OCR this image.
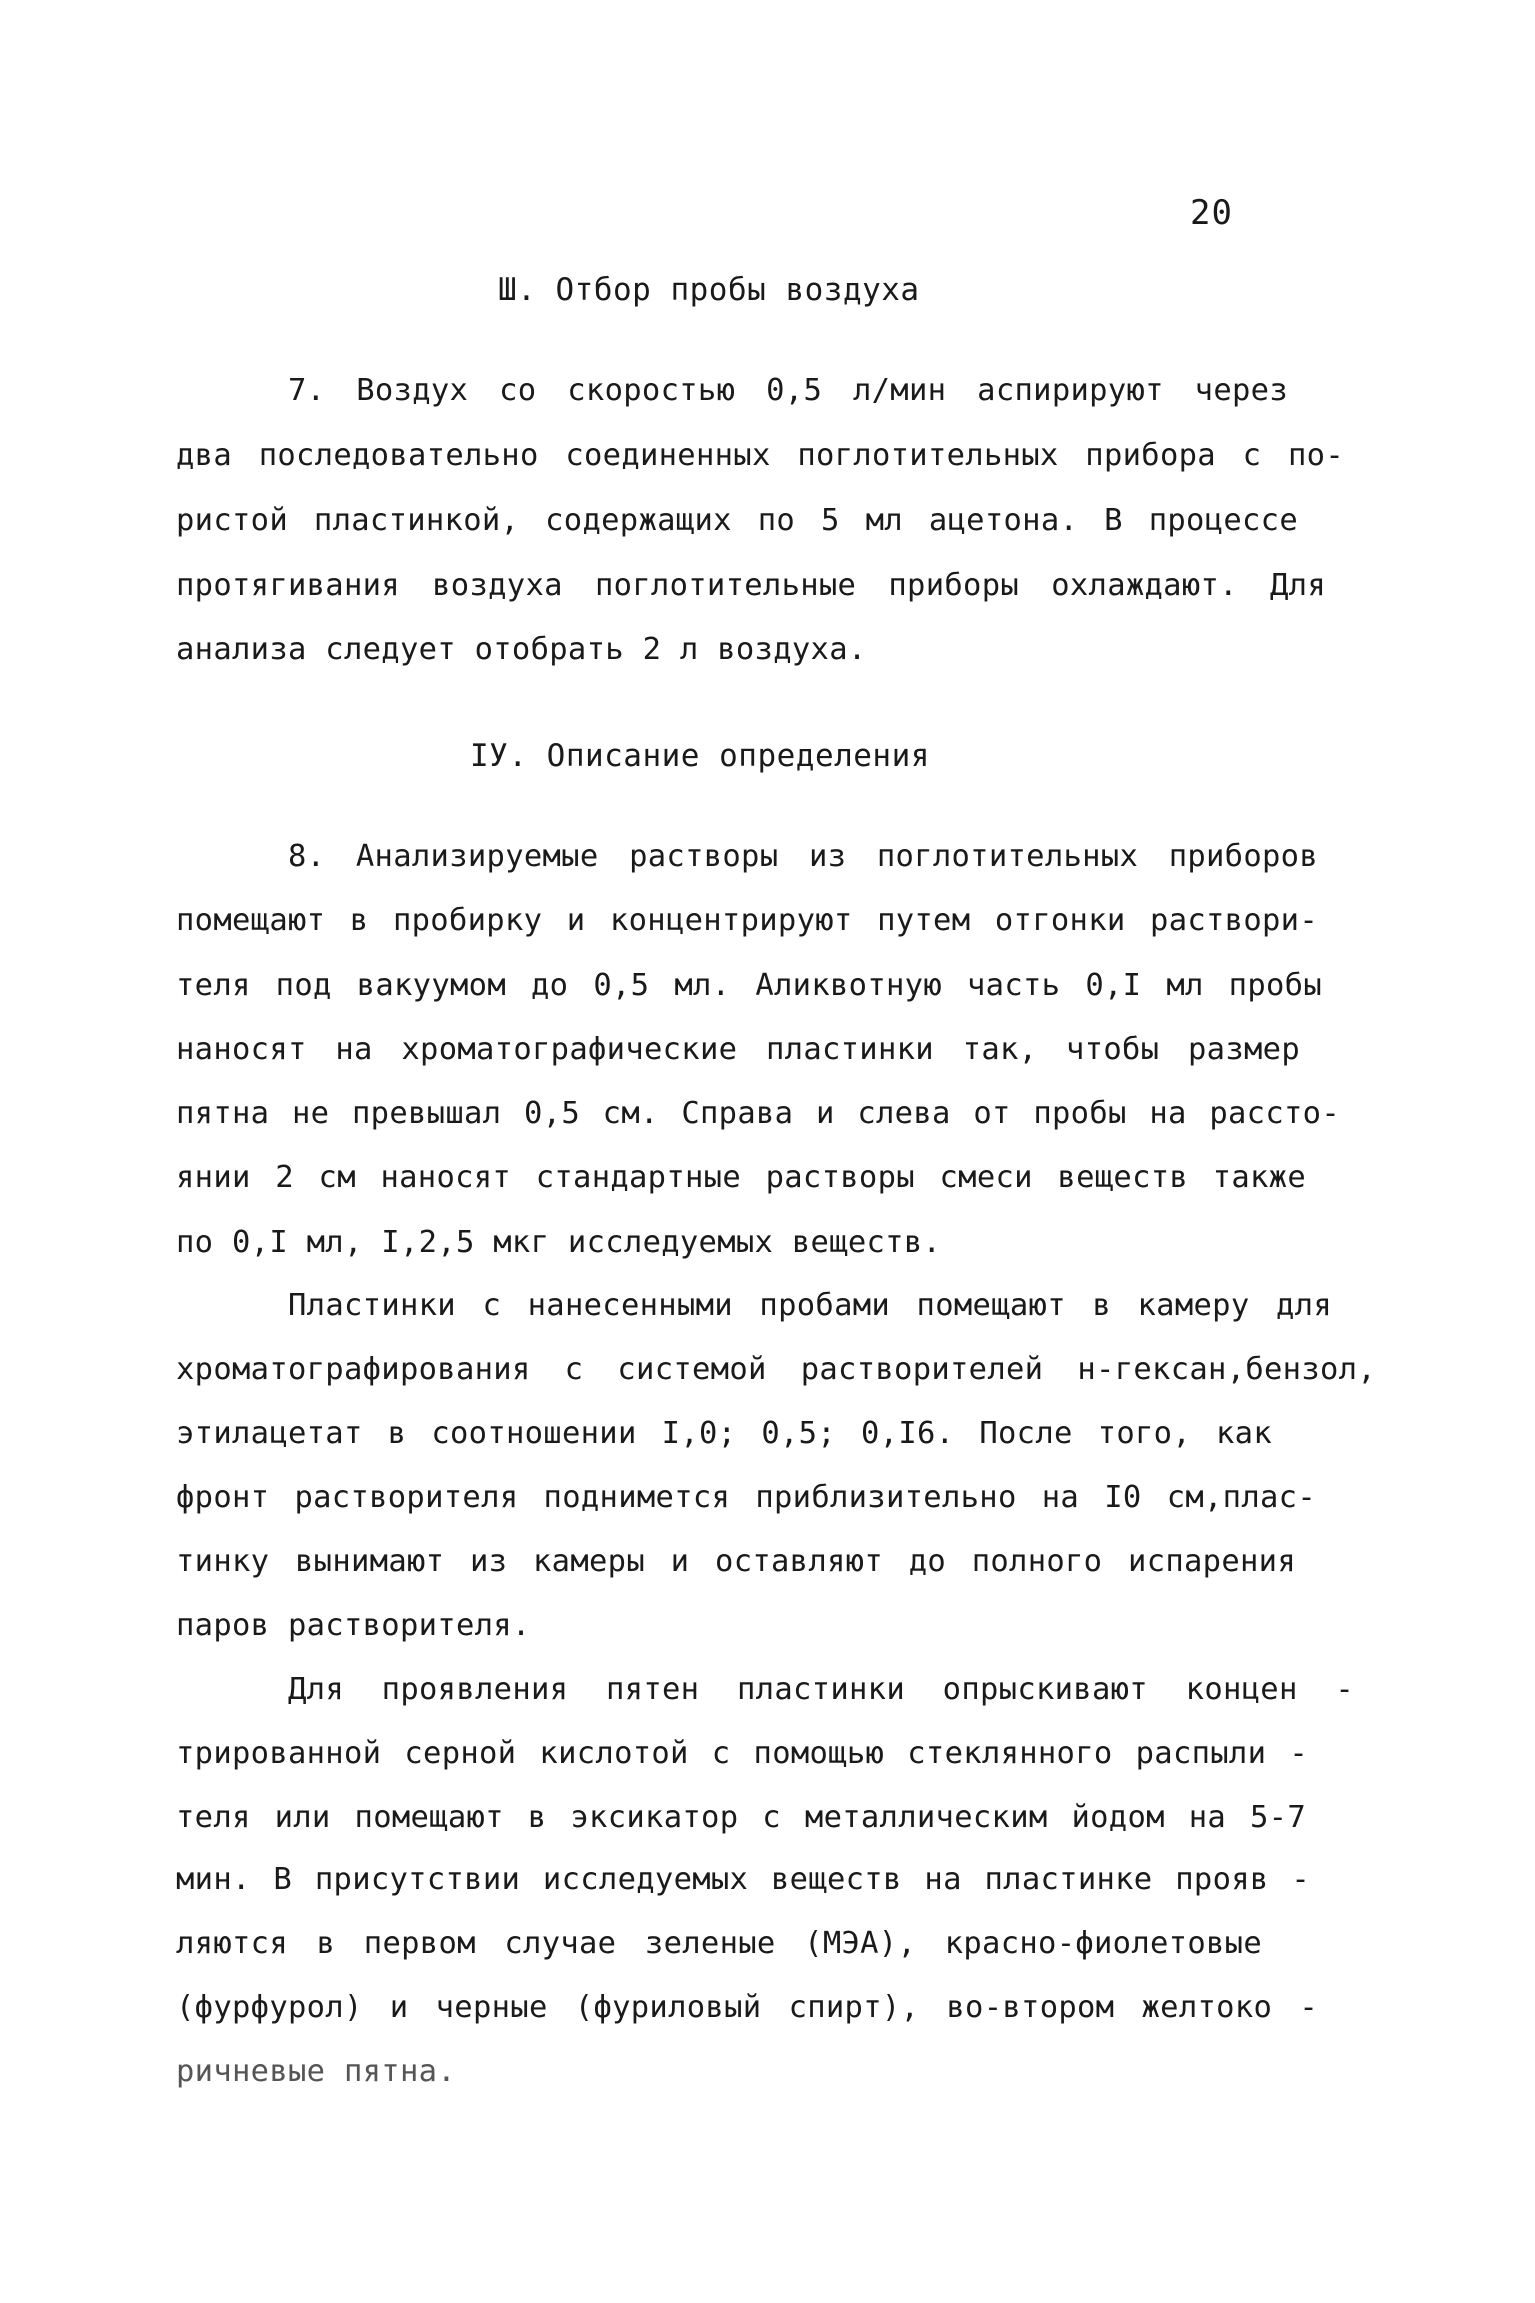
20
Ш. Отбор пробы воздуха
7. Воздух со скоростью 0,5 л/мин аспирируют через
два последовательно соединенных поглотительных прибора с по-
ристой пластинкой, содержащих по 5 мл ацетона. В процессе
протягивания воздуха поглотительные приборы охлаждают. Для
анализа следует отобрать 2 л воздуха.
IУ. Описание определения
8. Анализируемые растворы из поглотительных приборов
помещают в пробирку и концентрируют путем отгонки раствори-
теля под вакуумом до 0,5 мл. Аликвотную часть 0,I мл пробы
наносят на хроматографические пластинки так, чтобы размер
пятна не превышал 0,5 см. Справа и слева от пробы на рассто-
янии 2 см наносят стандартные растворы смеси веществ также
по 0,I мл, I,2,5 мкг исследуемых веществ.
Пластинки с нанесенными пробами помещают в камеру для
хроматографирования с системой растворителей н-гексан,бензол,
этилацетат в соотношении I,0; 0,5; 0,I6. После того, как
фронт растворителя поднимется приблизительно на I0 см,плас-
тинку вынимают из камеры и оставляют до полного испарения
паров растворителя.
Для проявления пятен пластинки опрыскивают концен -
трированной серной кислотой с помощью стеклянного распыли -
теля или помещают в эксикатор с металлическим йодом на 5-7
мин. В присутствии исследуемых веществ на пластинке прояв -
ляются в первом случае зеленые (МЭА), красно-фиолетовые
(фурфурол) и черные (фуриловый спирт), во-втором желтоко -
ричневые пятна.
